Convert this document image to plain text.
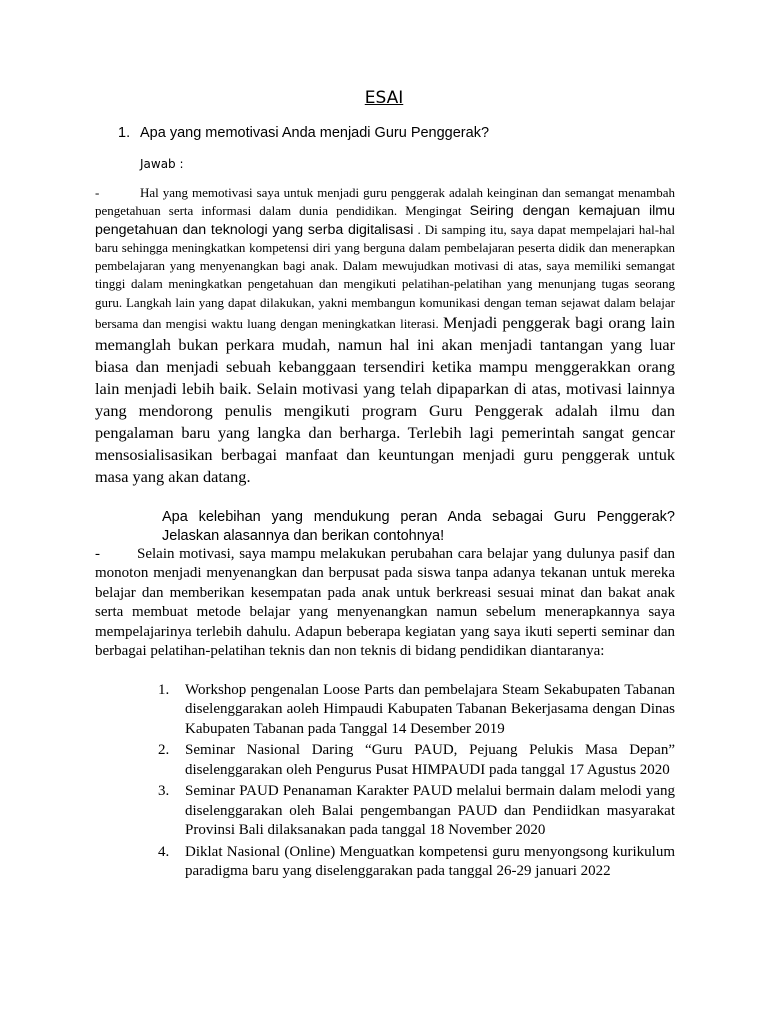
ESAI
1. Apa yang memotivasi Anda menjadi Guru Penggerak?
Jawab :
-	Hal yang memotivasi saya untuk menjadi guru penggerak adalah keinginan dan semangat menambah pengetahuan serta informasi dalam dunia pendidikan. Mengingat Seiring dengan kemajuan ilmu pengetahuan dan teknologi yang serba digitalisasi . Di samping itu, saya dapat mempelajari hal-hal baru sehingga meningkatkan kompetensi diri yang berguna dalam pembelajaran peserta didik dan menerapkan pembelajaran yang menyenangkan bagi anak. Dalam mewujudkan motivasi di atas, saya memiliki semangat tinggi dalam meningkatkan pengetahuan dan mengikuti pelatihan-pelatihan yang menunjang tugas seorang guru. Langkah lain yang dapat dilakukan, yakni membangun komunikasi dengan teman sejawat dalam belajar bersama dan mengisi waktu luang dengan meningkatkan literasi. Menjadi penggerak bagi orang lain memanglah bukan perkara mudah, namun hal ini akan menjadi tantangan yang luar biasa dan menjadi sebuah kebanggaan tersendiri ketika mampu menggerakkan orang lain menjadi lebih baik. Selain motivasi yang telah dipaparkan di atas, motivasi lainnya yang mendorong penulis mengikuti program Guru Penggerak adalah ilmu dan pengalaman baru yang langka dan berharga. Terlebih lagi pemerintah sangat gencar mensosialisasikan berbagai manfaat dan keuntungan menjadi guru penggerak untuk masa yang akan datang.
Apa kelebihan yang mendukung peran Anda sebagai Guru Penggerak?
Jelaskan alasannya dan berikan contohnya!
- Selain motivasi, saya mampu melakukan perubahan cara belajar yang dulunya pasif dan monoton menjadi menyenangkan dan berpusat pada siswa tanpa adanya tekanan untuk mereka belajar dan memberikan kesempatan pada anak untuk berkreasi sesuai minat dan bakat anak serta membuat metode belajar yang menyenangkan namun sebelum menerapkannya saya mempelajarinya terlebih dahulu. Adapun beberapa kegiatan yang saya ikuti seperti seminar dan berbagai pelatihan-pelatihan teknis dan non teknis di bidang pendidikan diantaranya:
1. Workshop pengenalan Loose Parts dan pembelajara Steam Sekabupaten Tabanan diselenggarakan aoleh Himpaudi Kabupaten Tabanan Bekerjasama dengan Dinas Kabupaten Tabanan pada Tanggal 14 Desember 2019
2. Seminar Nasional Daring “Guru PAUD, Pejuang Pelukis Masa Depan” diselenggarakan oleh Pengurus Pusat HIMPAUDI pada tanggal 17 Agustus 2020
3. Seminar PAUD Penanaman Karakter PAUD melalui bermain dalam melodi yang diselenggarakan oleh Balai pengembangan PAUD dan Pendiidkan masyarakat Provinsi Bali dilaksanakan pada tanggal 18 November 2020
4. Diklat Nasional (Online) Menguatkan kompetensi guru menyongsong kurikulum paradigma baru yang diselenggarakan pada tanggal 26-29 januari 2022
